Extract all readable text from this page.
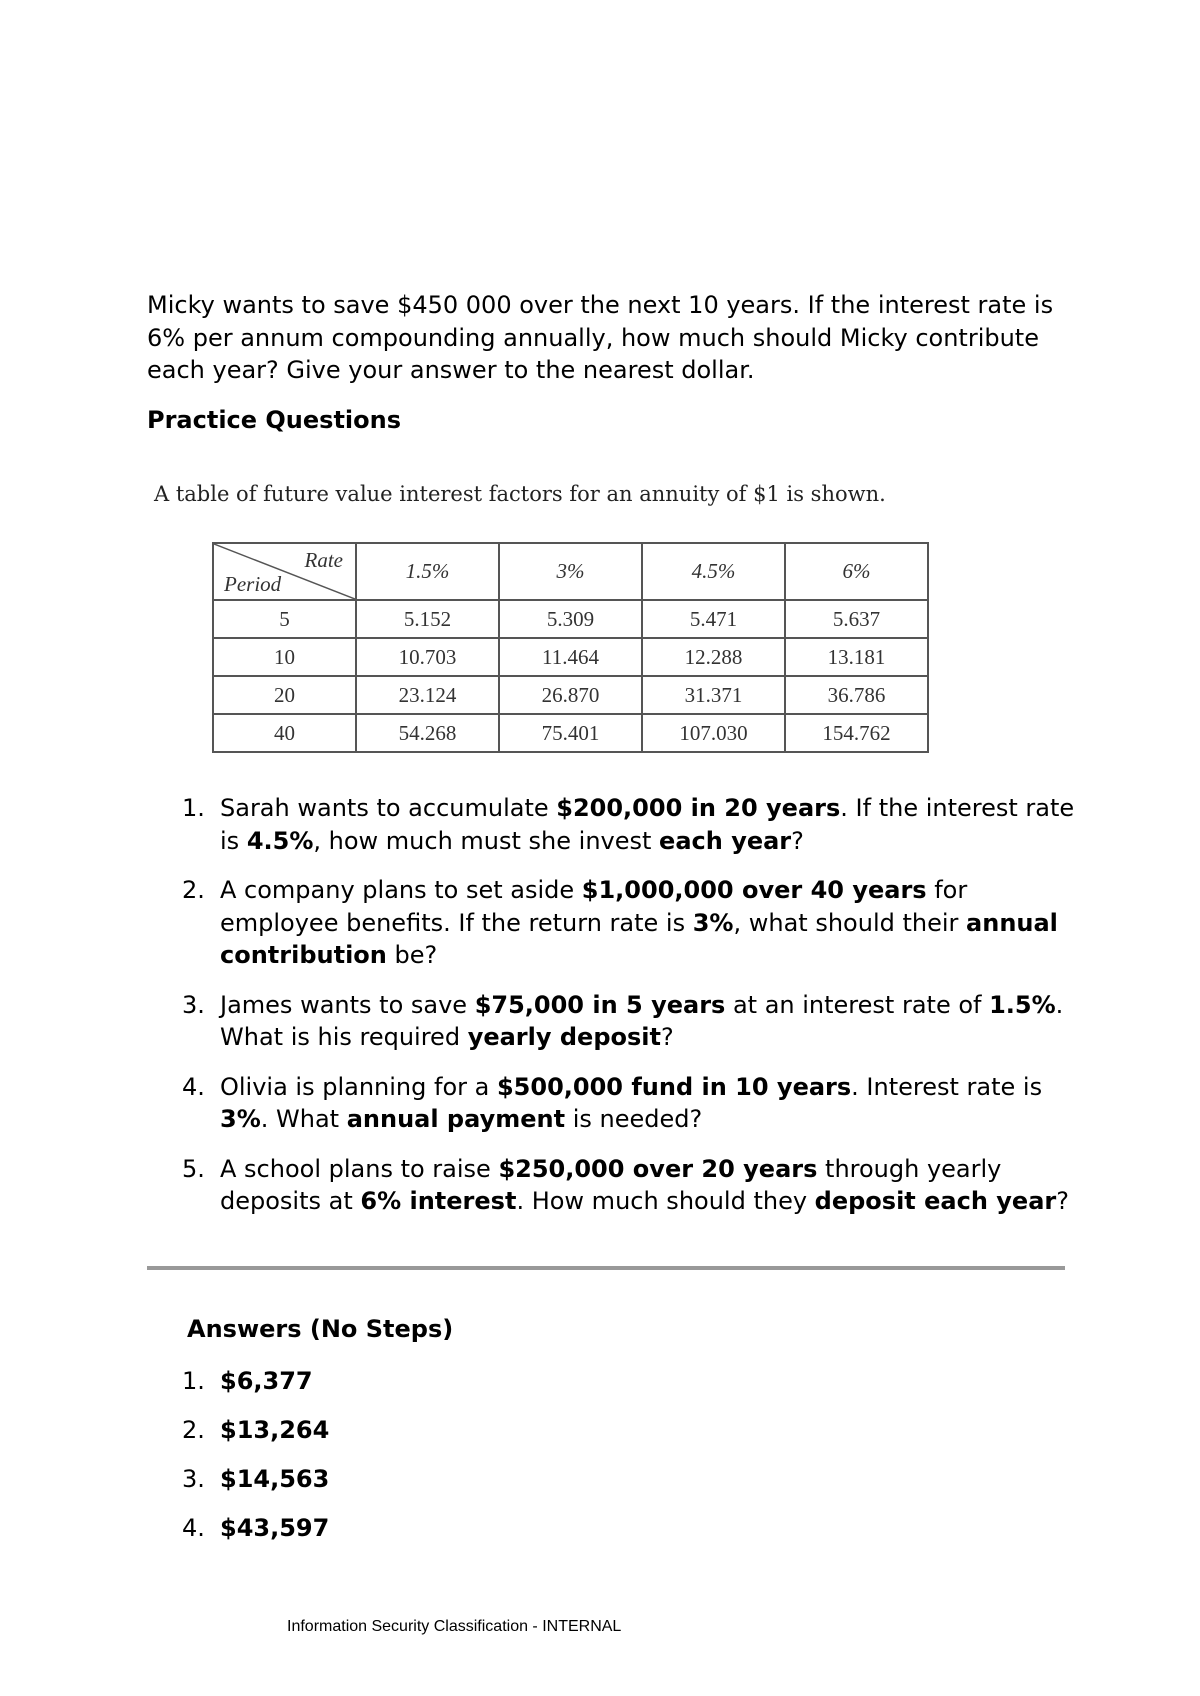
Micky wants to save $450 000 over the next 10 years. If the interest rate is 6% per annum compounding annually, how much should Micky contribute each year? Give your answer to the nearest dollar.

Practice Questions

A table of future value interest factors for an annuity of $1 is shown.

Rate
Period	1.5%	3%	4.5%	6%
5	5.152	5.309	5.471	5.637
10	10.703	11.464	12.288	13.181
20	23.124	26.870	31.371	36.786
40	54.268	75.401	107.030	154.762
1. Sarah wants to accumulate $200,000 in 20 years. If the interest rate is 4.5%, how much must she invest each year?
2. A company plans to set aside $1,000,000 over 40 years for employee benefits. If the return rate is 3%, what should their annual contribution be?
3. James wants to save $75,000 in 5 years at an interest rate of 1.5%. What is his required yearly deposit?
4. Olivia is planning for a $500,000 fund in 10 years. Interest rate is 3%. What annual payment is needed?
5. A school plans to raise $250,000 over 20 years through yearly deposits at 6% interest. How much should they deposit each year?

Answers (No Steps)

1. $6,377
2. $13,264
3. $14,563
4. $43,597

Information Security Classification - INTERNAL
